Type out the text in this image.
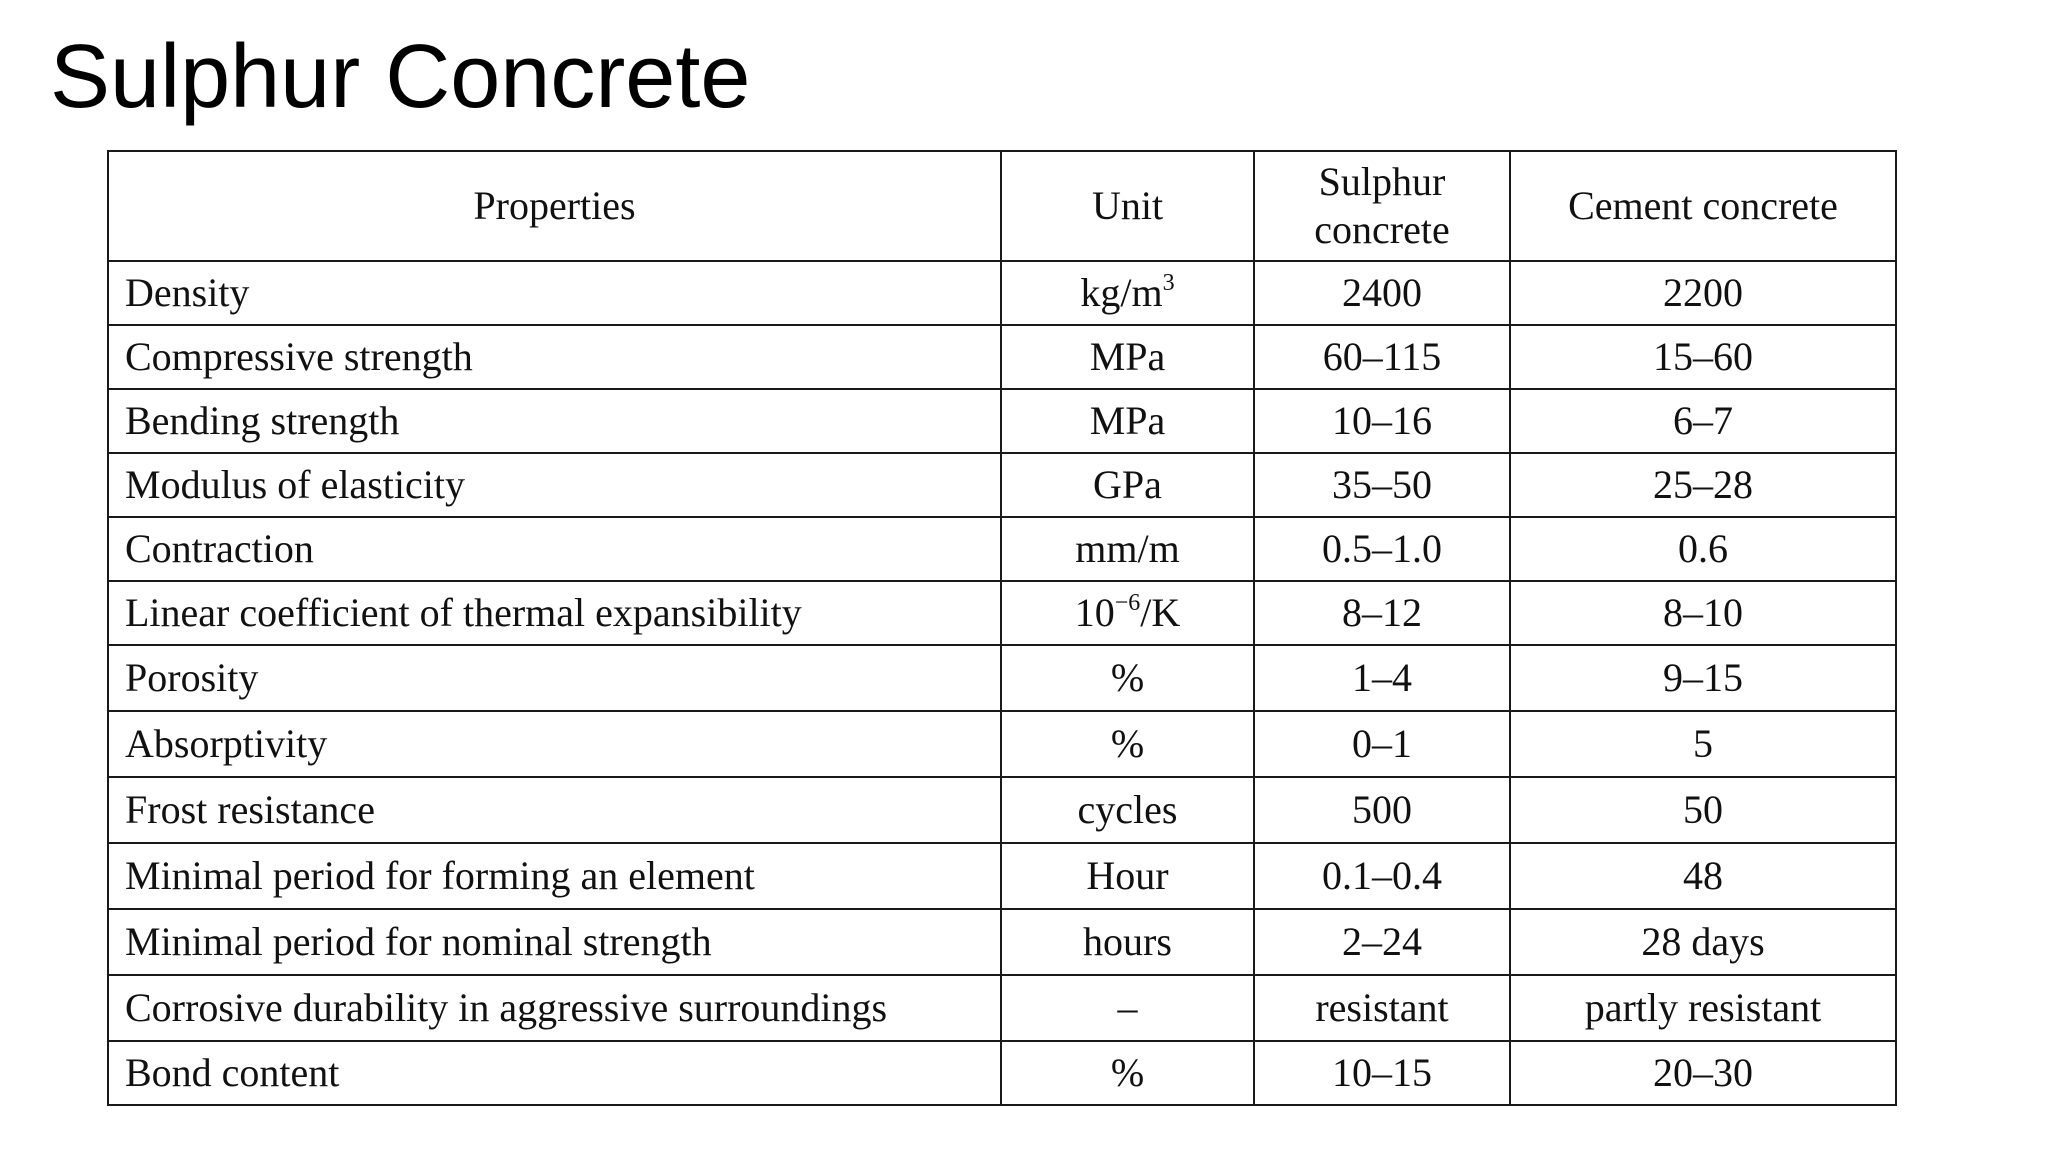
Sulphur Concrete
Properties	Unit	Sulphur concrete	Cement concrete
Density	$kg/m^3$	2400	2200
Compressive strength	MPa	60–115	15–60
Bending strength	MPa	10–16	6–7
Modulus of elasticity	GPa	35–50	25–28
Contraction	mm/m	0.5–1.0	0.6
Linear coefficient of thermal expansibility	$10^{-6}/K$	8–12	8–10
Porosity	%	1–4	9–15
Absorptivity	%	0–1	5
Frost resistance	cycles	500	50
Minimal period for forming an element	Hour	0.1–0.4	48
Minimal period for nominal strength	hours	2–24	28 days
Corrosive durability in aggressive surroundings	–	resistant	partly resistant
Bond content	%	10–15	20–30
